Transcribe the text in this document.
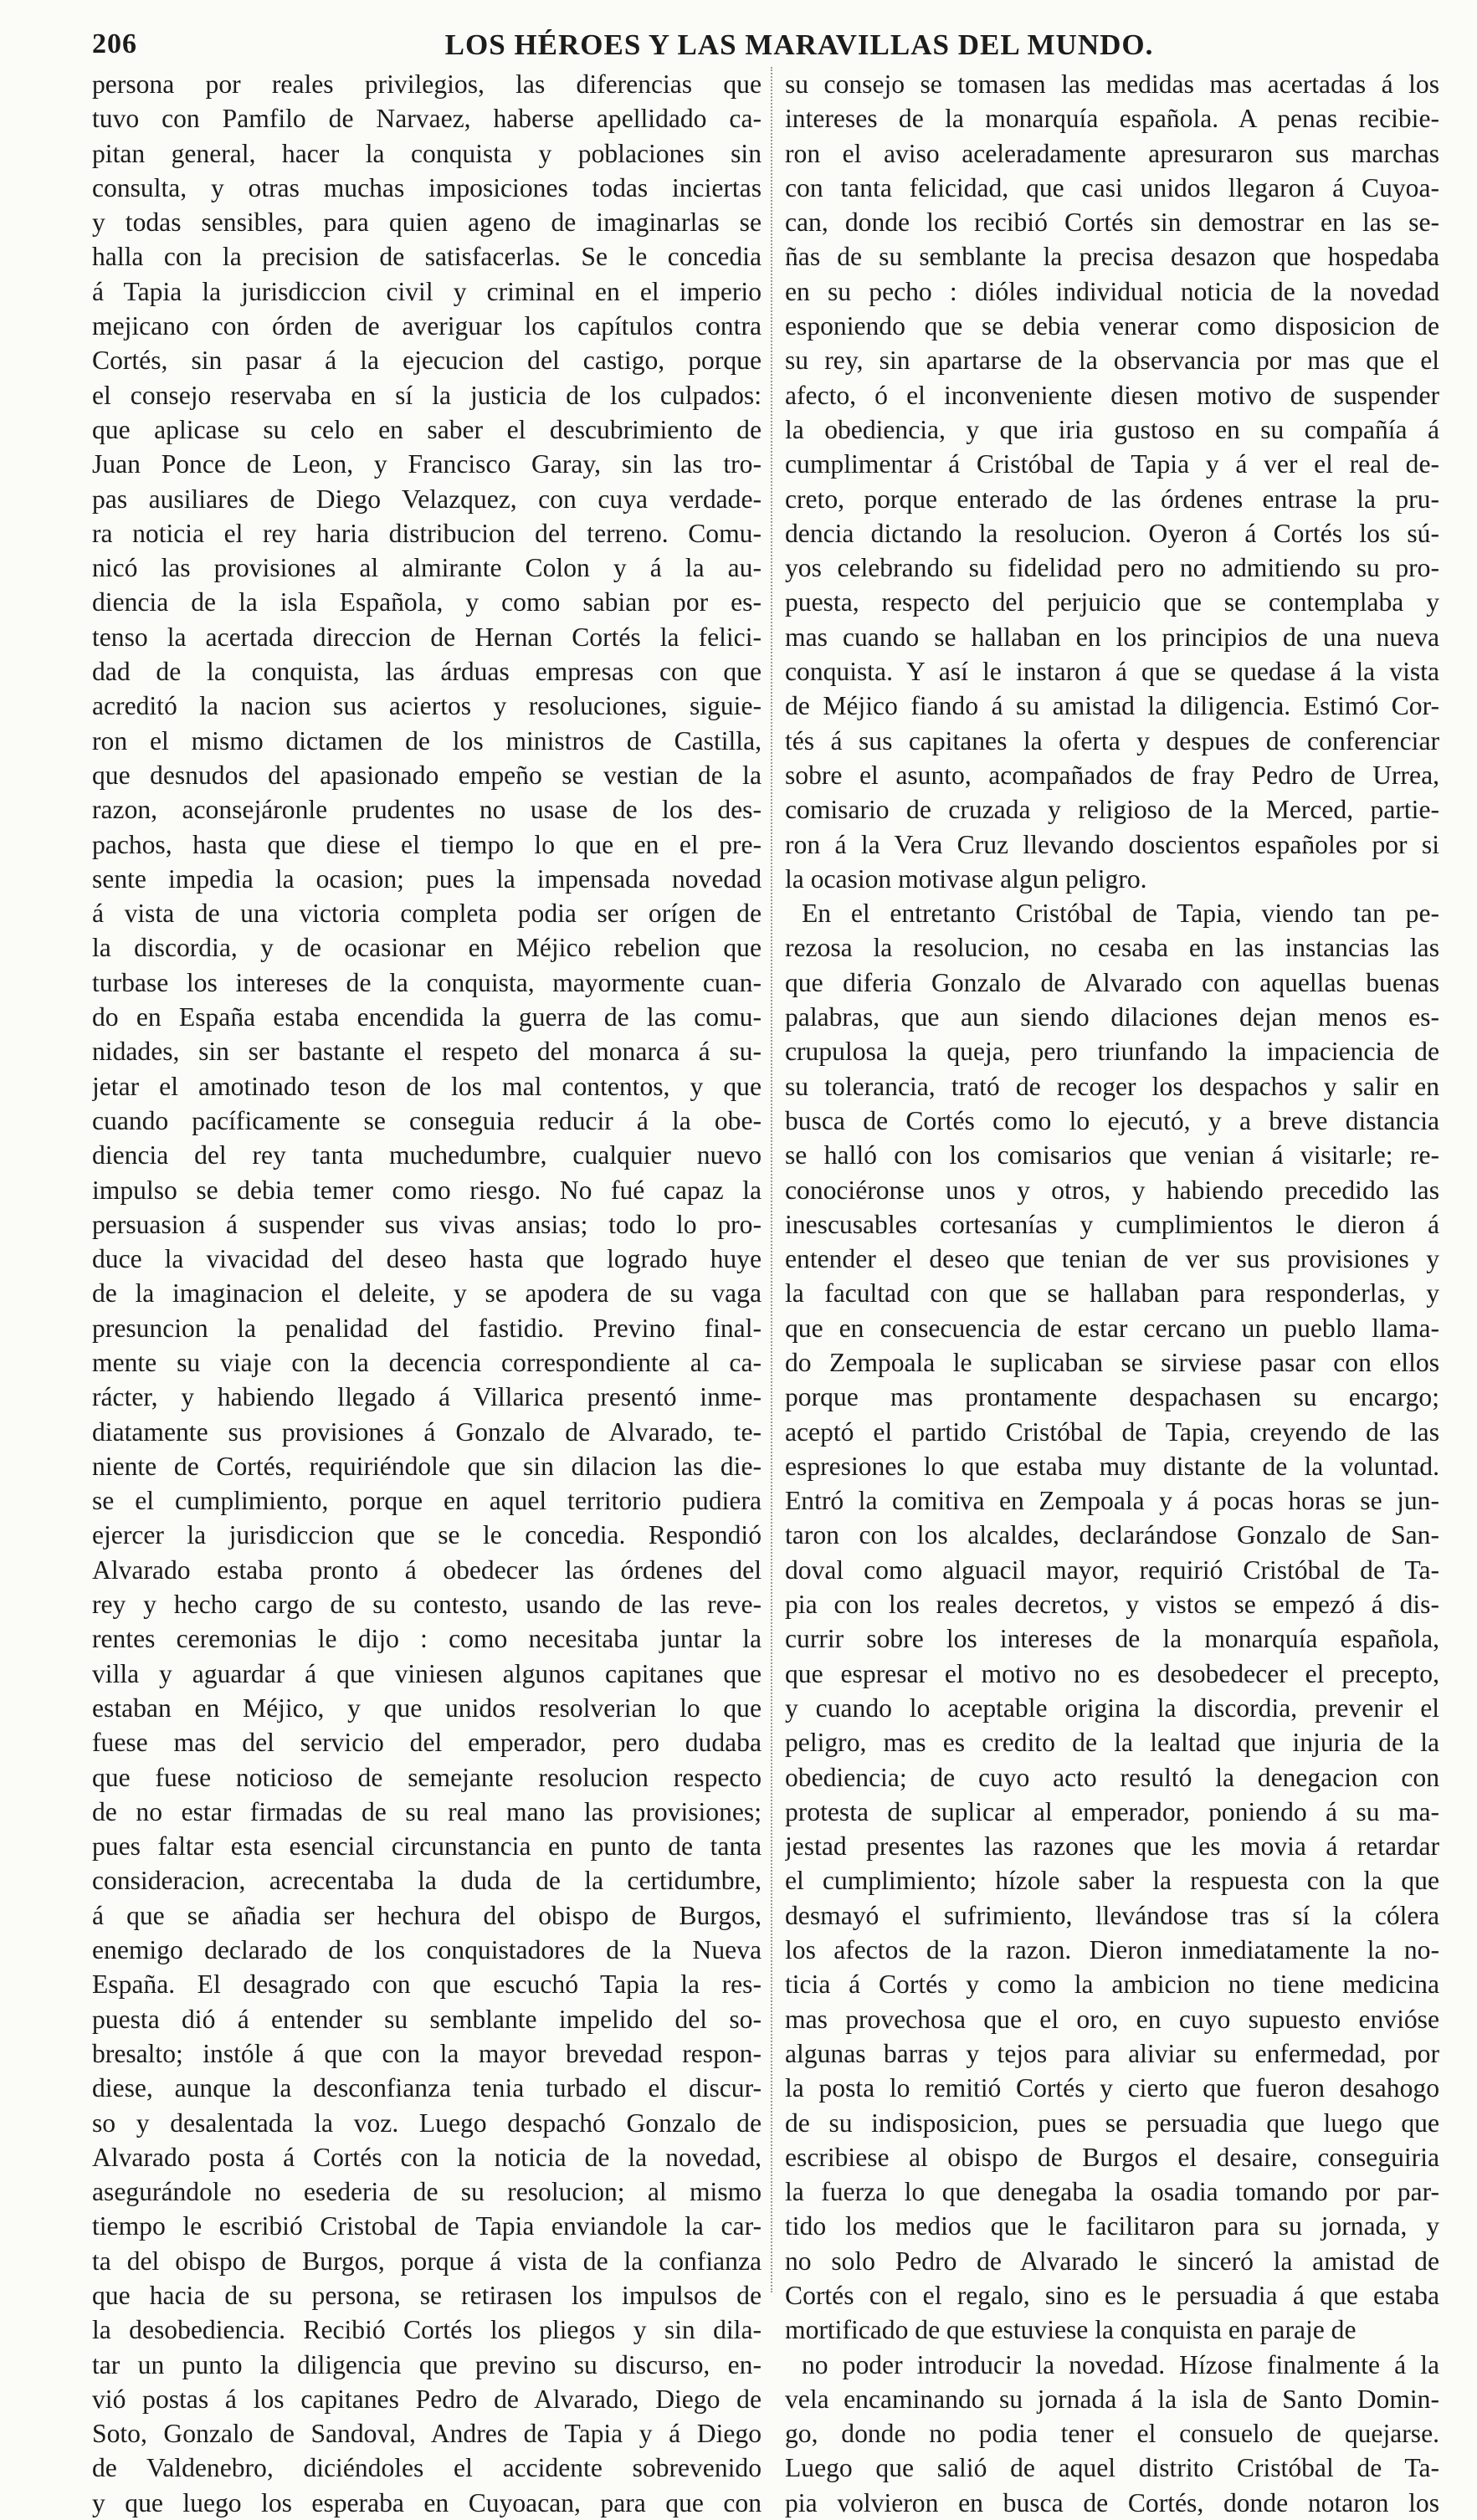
206	LOS HÉROES Y LAS MARAVILLAS DEL MUNDO.
persona por reales privilegios, las diferencias que
tuvo con Pamfilo de Narvaez, haberse apellidado ca-
pitan general, hacer la conquista y poblaciones sin
consulta, y otras muchas imposiciones todas inciertas
y todas sensibles, para quien ageno de imaginarlas se
halla con la precision de satisfacerlas. Se le concedia
á Tapia la jurisdiccion civil y criminal en el imperio
mejicano con órden de averiguar los capítulos contra
Cortés, sin pasar á la ejecucion del castigo, porque
el consejo reservaba en sí la justicia de los culpados:
que aplicase su celo en saber el descubrimiento de
Juan Ponce de Leon, y Francisco Garay, sin las tro-
pas ausiliares de Diego Velazquez, con cuya verdade-
ra noticia el rey haria distribucion del terreno. Comu-
nicó las provisiones al almirante Colon y á la au-
diencia de la isla Española, y como sabian por es-
tenso la acertada direccion de Hernan Cortés la felici-
dad de la conquista, las árduas empresas con que
acreditó la nacion sus aciertos y resoluciones, siguie-
ron el mismo dictamen de los ministros de Castilla,
que desnudos del apasionado empeño se vestian de la
razon, aconsejáronle prudentes no usase de los des-
pachos, hasta que diese el tiempo lo que en el pre-
sente impedia la ocasion; pues la impensada novedad
á vista de una victoria completa podia ser orígen de
la discordia, y de ocasionar en Méjico rebelion que
turbase los intereses de la conquista, mayormente cuan-
do en España estaba encendida la guerra de las comu-
nidades, sin ser bastante el respeto del monarca á su-
jetar el amotinado teson de los mal contentos, y que
cuando pacíficamente se conseguia reducir á la obe-
diencia del rey tanta muchedumbre, cualquier nuevo
impulso se debia temer como riesgo. No fué capaz la
persuasion á suspender sus vivas ansias; todo lo pro-
duce la vivacidad del deseo hasta que logrado huye
de la imaginacion el deleite, y se apodera de su vaga
presuncion la penalidad del fastidio. Previno final-
mente su viaje con la decencia correspondiente al ca-
rácter, y habiendo llegado á Villarica presentó inme-
diatamente sus provisiones á Gonzalo de Alvarado, te-
niente de Cortés, requiriéndole que sin dilacion las die-
se el cumplimiento, porque en aquel territorio pudiera
ejercer la jurisdiccion que se le concedia. Respondió
Alvarado estaba pronto á obedecer las órdenes del
rey y hecho cargo de su contesto, usando de las reve-
rentes ceremonias le dijo : como necesitaba juntar la
villa y aguardar á que viniesen algunos capitanes que
estaban en Méjico, y que unidos resolverian lo que
fuese mas del servicio del emperador, pero dudaba
que fuese noticioso de semejante resolucion respecto
de no estar firmadas de su real mano las provisiones;
pues faltar esta esencial circunstancia en punto de tanta
consideracion, acrecentaba la duda de la certidumbre,
á que se añadia ser hechura del obispo de Burgos,
enemigo declarado de los conquistadores de la Nueva
España. El desagrado con que escuchó Tapia la res-
puesta dió á entender su semblante impelido del so-
bresalto; instóle á que con la mayor brevedad respon-
diese, aunque la desconfianza tenia turbado el discur-
so y desalentada la voz. Luego despachó Gonzalo de
Alvarado posta á Cortés con la noticia de la novedad,
asegurándole no esederia de su resolucion; al mismo
tiempo le escribió Cristobal de Tapia enviandole la car-
ta del obispo de Burgos, porque á vista de la confianza
que hacia de su persona, se retirasen los impulsos de
la desobediencia. Recibió Cortés los pliegos y sin dila-
tar un punto la diligencia que previno su discurso, en-
vió postas á los capitanes Pedro de Alvarado, Diego de
Soto, Gonzalo de Sandoval, Andres de Tapia y á Diego
de Valdenebro, diciéndoles el accidente sobrevenido
y que luego los esperaba en Cuyoacan, para que con
su consejo se tomasen las medidas mas acertadas á los
intereses de la monarquía española. A penas recibie-
ron el aviso aceleradamente apresuraron sus marchas
con tanta felicidad, que casi unidos llegaron á Cuyoa-
can, donde los recibió Cortés sin demostrar en las se-
ñas de su semblante la precisa desazon que hospedaba
en su pecho : dióles individual noticia de la novedad
esponiendo que se debia venerar como disposicion de
su rey, sin apartarse de la observancia por mas que el
afecto, ó el inconveniente diesen motivo de suspender
la obediencia, y que iria gustoso en su compañía á
cumplimentar á Cristóbal de Tapia y á ver el real de-
creto, porque enterado de las órdenes entrase la pru-
dencia dictando la resolucion. Oyeron á Cortés los sú-
yos celebrando su fidelidad pero no admitiendo su pro-
puesta, respecto del perjuicio que se contemplaba y
mas cuando se hallaban en los principios de una nueva
conquista. Y así le instaron á que se quedase á la vista
de Méjico fiando á su amistad la diligencia. Estimó Cor-
tés á sus capitanes la oferta y despues de conferenciar
sobre el asunto, acompañados de fray Pedro de Urrea,
comisario de cruzada y religioso de la Merced, partie-
ron á la Vera Cruz llevando doscientos españoles por si
la ocasion motivase algun peligro.
En el entretanto Cristóbal de Tapia, viendo tan pe-
rezosa la resolucion, no cesaba en las instancias las
que diferia Gonzalo de Alvarado con aquellas buenas
palabras, que aun siendo dilaciones dejan menos es-
crupulosa la queja, pero triunfando la impaciencia de
su tolerancia, trató de recoger los despachos y salir en
busca de Cortés como lo ejecutó, y a breve distancia
se halló con los comisarios que venian á visitarle; re-
conociéronse unos y otros, y habiendo precedido las
inescusables cortesanías y cumplimientos le dieron á
entender el deseo que tenian de ver sus provisiones y
la facultad con que se hallaban para responderlas, y
que en consecuencia de estar cercano un pueblo llama-
do Zempoala le suplicaban se sirviese pasar con ellos
porque mas prontamente despachasen su encargo;
aceptó el partido Cristóbal de Tapia, creyendo de las
espresiones lo que estaba muy distante de la voluntad.
Entró la comitiva en Zempoala y á pocas horas se jun-
taron con los alcaldes, declarándose Gonzalo de San-
doval como alguacil mayor, requirió Cristóbal de Ta-
pia con los reales decretos, y vistos se empezó á dis-
currir sobre los intereses de la monarquía española,
que espresar el motivo no es desobedecer el precepto,
y cuando lo aceptable origina la discordia, prevenir el
peligro, mas es credito de la lealtad que injuria de la
obediencia; de cuyo acto resultó la denegacion con
protesta de suplicar al emperador, poniendo á su ma-
jestad presentes las razones que les movia á retardar
el cumplimiento; hízole saber la respuesta con la que
desmayó el sufrimiento, llevándose tras sí la cólera
los afectos de la razon. Dieron inmediatamente la no-
ticia á Cortés y como la ambicion no tiene medicina
mas provechosa que el oro, en cuyo supuesto envióse
algunas barras y tejos para aliviar su enfermedad, por
la posta lo remitió Cortés y cierto que fueron desahogo
de su indisposicion, pues se persuadia que luego que
escribiese al obispo de Burgos el desaire, conseguiria
la fuerza lo que denegaba la osadia tomando por par-
tido los medios que le facilitaron para su jornada, y
no solo Pedro de Alvarado le sinceró la amistad de
Cortés con el regalo, sino es le persuadia á que estaba
mortificado de que estuviese la conquista en paraje de
no poder introducir la novedad. Hízose finalmente á la
vela encaminando su jornada á la isla de Santo Domin-
go, donde no podia tener el consuelo de quejarse.
Luego que salió de aquel distrito Cristóbal de Ta-
pia volvieron en busca de Cortés, donde notaron los
